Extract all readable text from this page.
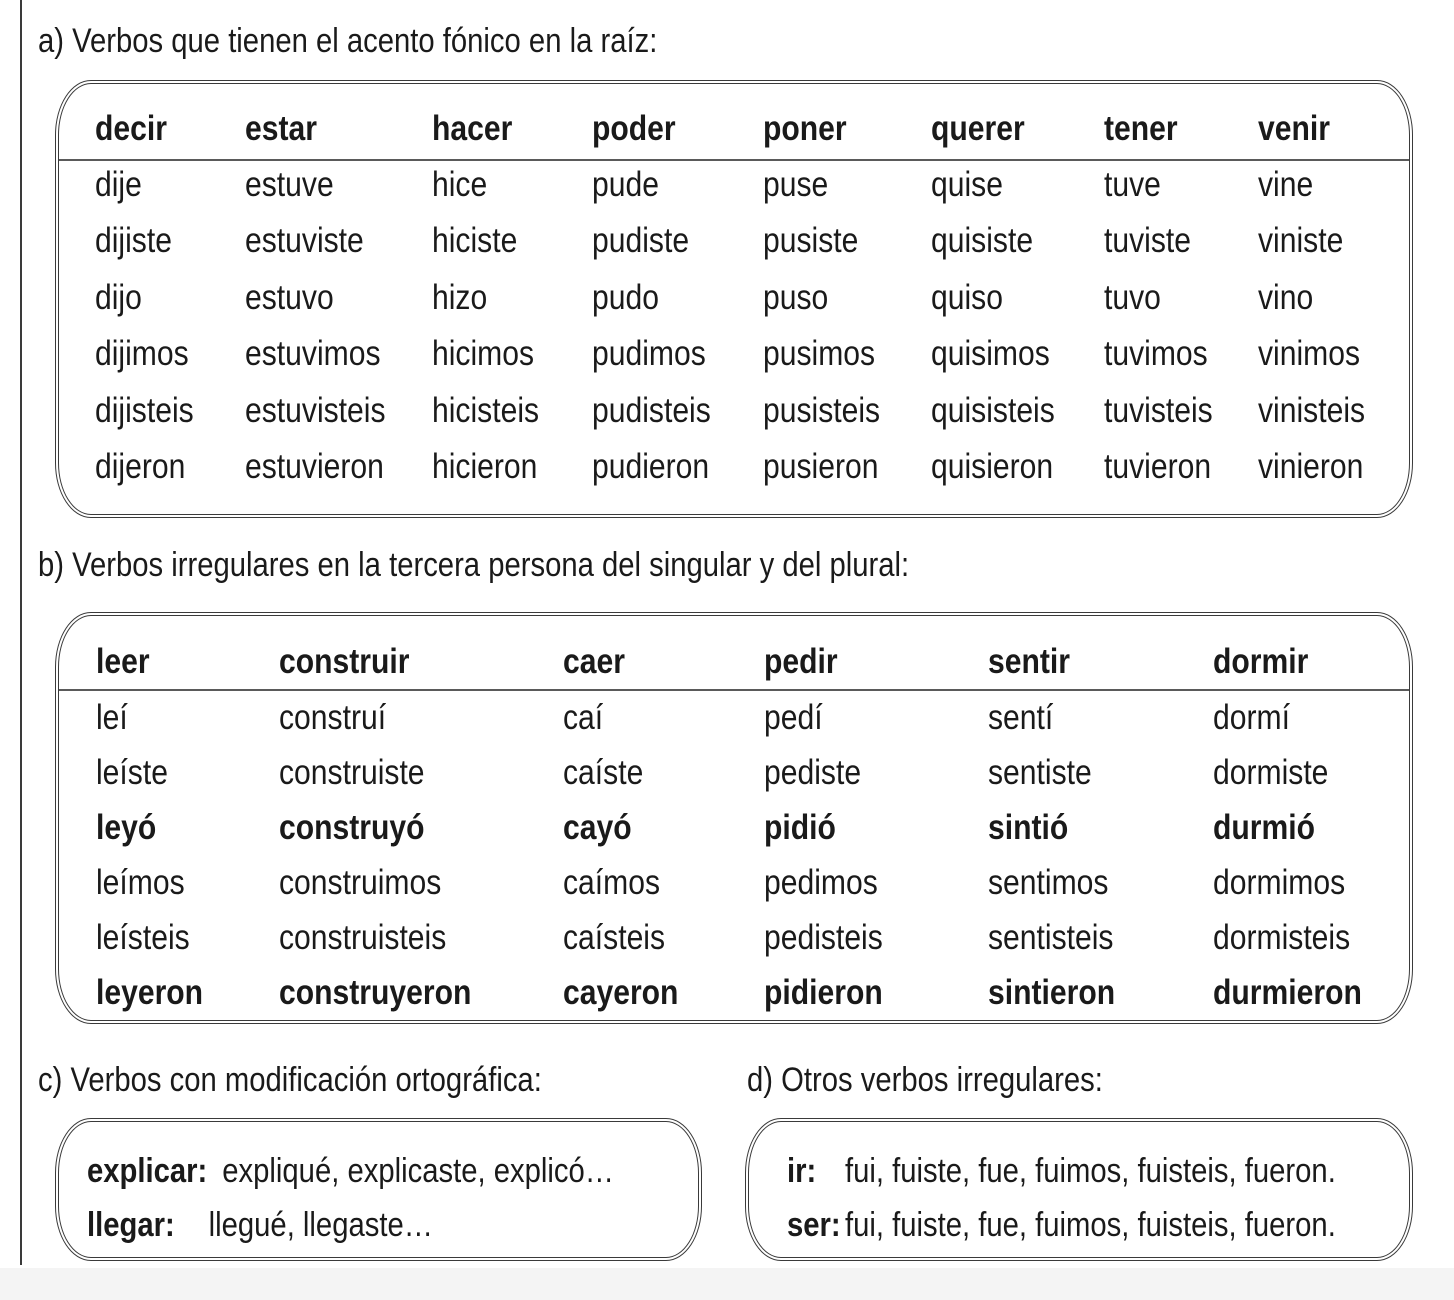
a) Verbos que tienen el acento fónico en la raíz:
decir estar	hacer poder poner querer tener venir
dije	estuve	hice	pude	puse	quise	tuve	vine
dijiste estuviste hiciste pudiste pusiste quisiste tuviste viniste
dijo	estuvo	hizo	pudo	puso	quiso	tuvo	vino
dijimos estuvimos hicimos pudimos pusimos quisimos tuvimos vinimos
dijisteis estuvisteis hicisteis pudisteis pusisteis quisisteis tuvisteis vinisteis
dijeron estuvieron hicieron pudieron pusieron quisieron tuvieron vinieron
b) Verbos irregulares en la tercera persona del singular y del plural:
leer	construir	caer	pedir	sentir	dormir
leí	construí	caí	pedí	sentí	dormí
leíste	construiste	caíste	pediste	sentiste	dormiste
leyó	construyó	cayó	pidió	sintió	durmió
leímos	construimos	caímos	pedimos	sentimos	dormimos
leísteis	construisteis	caísteis	pedisteis	sentisteis	dormisteis
leyeron construyeron	cayeron pidieron	sintieron	durmieron
c) Verbos con modificación ortográfica:
explicar: expliqué, explicaste, explicó…
llegar: llegué, llegaste…
d) Otros verbos irregulares:
ir: fui, fuiste, fue, fuimos, fuisteis, fueron.
ser: fui, fuiste, fue, fuimos, fuisteis, fueron.
